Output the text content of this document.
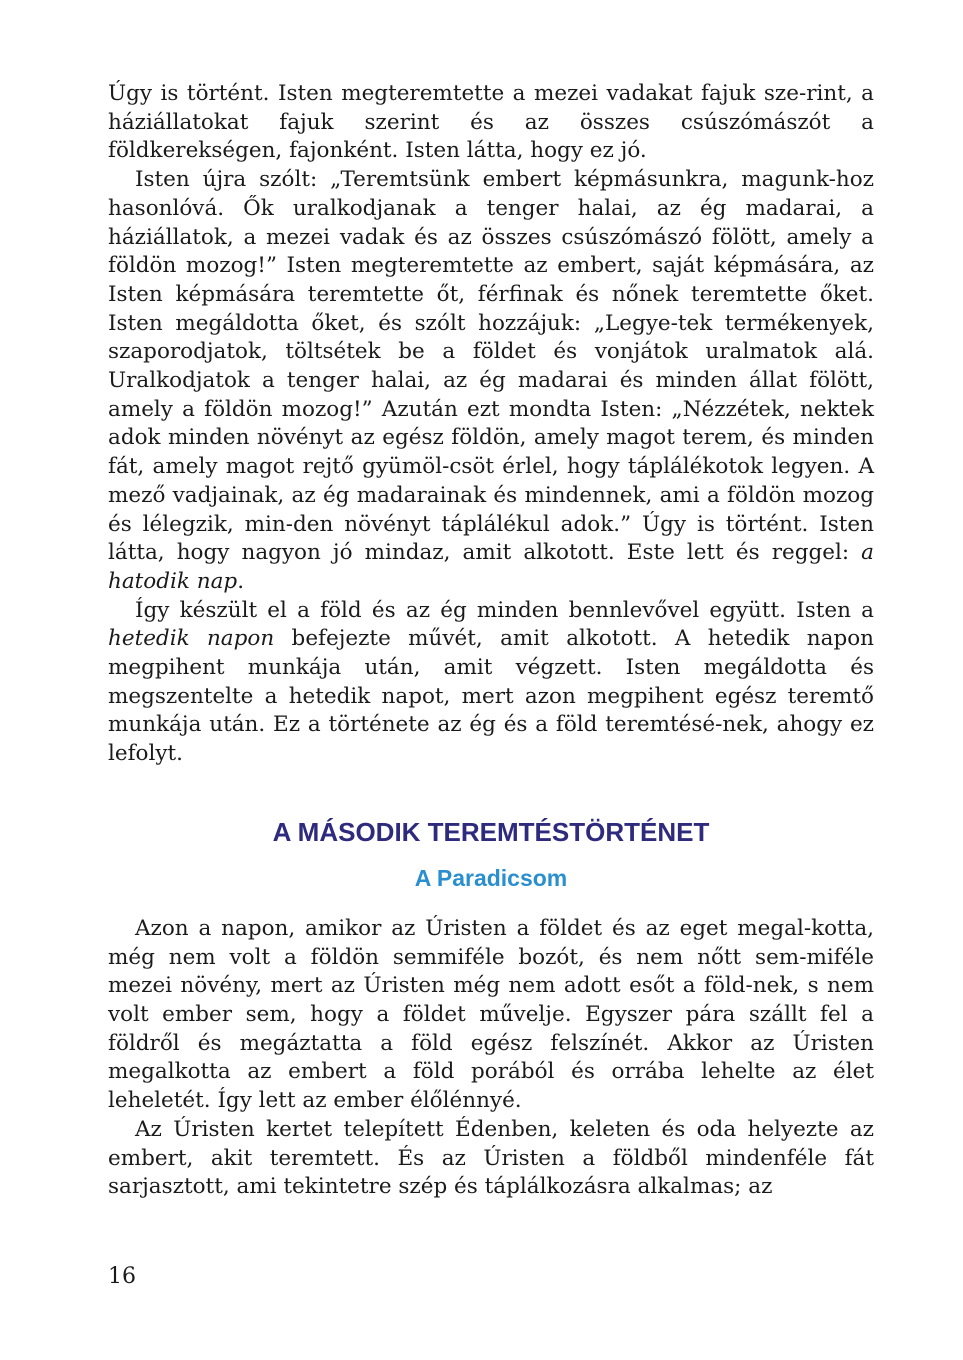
Úgy is történt. Isten megteremtette a mezei vadakat fajuk sze-rint, a háziállatokat fajuk szerint és az összes csúszómászót a földkerekségen, fajonként. Isten látta, hogy ez jó.

Isten újra szólt: „Teremtsünk embert képmásunkra, magunk-hoz hasonlóvá. Ők uralkodjanak a tenger halai, az ég madarai, a háziállatok, a mezei vadak és az összes csúszómászó fölött, amely a földön mozog!” Isten megteremtette az embert, saját képmására, az Isten képmására teremtette őt, férfinak és nőnek teremtette őket. Isten megáldotta őket, és szólt hozzájuk: „Legye-tek termékenyek, szaporodjatok, töltsétek be a földet és vonjátok uralmatok alá. Uralkodjatok a tenger halai, az ég madarai és minden állat fölött, amely a földön mozog!” Azután ezt mondta Isten: „Nézzétek, nektek adok minden növényt az egész földön, amely magot terem, és minden fát, amely magot rejtő gyümöl-csöt érlel, hogy táplálékotok legyen. A mező vadjainak, az ég madarainak és mindennek, ami a földön mozog és lélegzik, min-den növényt táplálékul adok.” Úgy is történt. Isten látta, hogy nagyon jó mindaz, amit alkotott. Este lett és reggel: a hatodik nap.

Így készült el a föld és az ég minden bennlevővel együtt. Isten a hetedik napon befejezte művét, amit alkotott. A hetedik napon megpihent munkája után, amit végzett. Isten megáldotta és megszentelte a hetedik napot, mert azon megpihent egész teremtő munkája után. Ez a története az ég és a föld teremtésé-nek, ahogy ez lefolyt.

A MÁSODIK TEREMTÉSTÖRTÉNET
A Paradicsom

Azon a napon, amikor az Úristen a földet és az eget megal-kotta, még nem volt a földön semmiféle bozót, és nem nőtt sem-miféle mezei növény, mert az Úristen még nem adott esőt a föld-nek, s nem volt ember sem, hogy a földet művelje. Egyszer pára szállt fel a földről és megáztatta a föld egész felszínét. Akkor az Úristen megalkotta az embert a föld porából és orrába lehelte az élet leheletét. Így lett az ember élőlénnyé.

Az Úristen kertet telepített Édenben, keleten és oda helyezte az embert, akit teremtett. És az Úristen a földből mindenféle fát sarjasztott, ami tekintetre szép és táplálkozásra alkalmas; az

16
